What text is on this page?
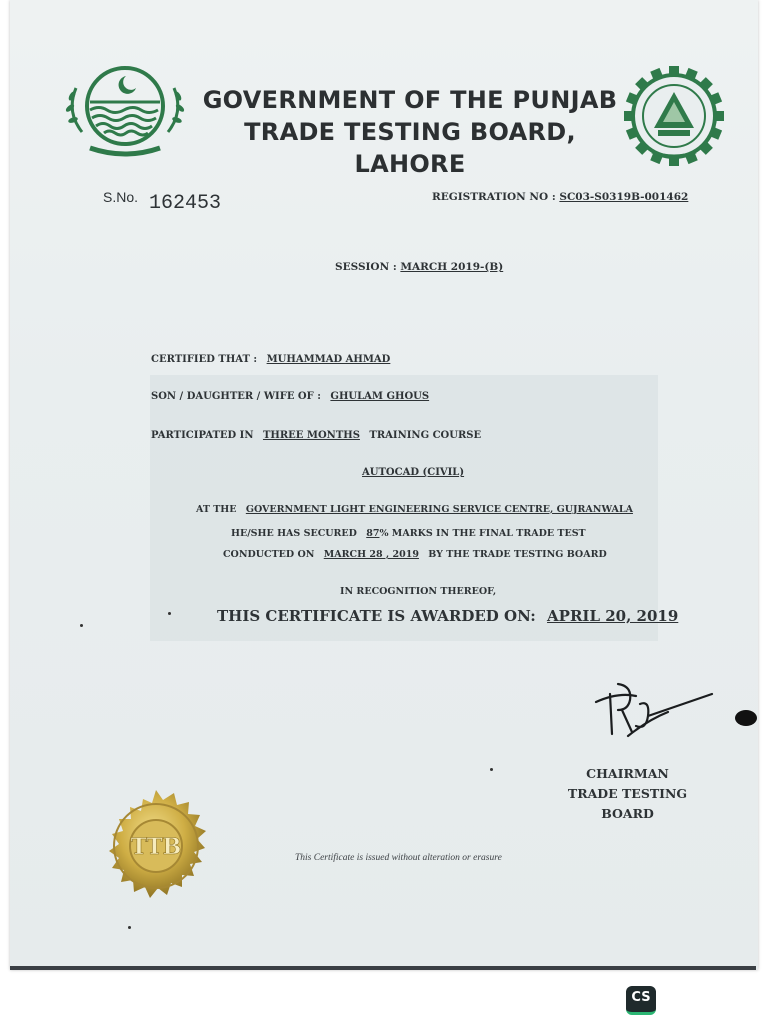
GOVERNMENT OF THE PUNJAB
TRADE TESTING BOARD, LAHORE
S.No. 162453	REGISTRATION NO : SC03-S0319B-001462
SESSION : MARCH 2019-(B)
CERTIFIED THAT : MUHAMMAD AHMAD
SON / DAUGHTER / WIFE OF : GHULAM GHOUS
PARTICIPATED IN THREE MONTHS TRAINING COURSE
AUTOCAD (CIVIL)
AT THE GOVERNMENT LIGHT ENGINEERING SERVICE CENTRE, GUJRANWALA
HE/SHE HAS SECURED 87% MARKS IN THE FINAL TRADE TEST
CONDUCTED ON MARCH 28 , 2019 BY THE TRADE TESTING BOARD
IN RECOGNITION THEREOF,
THIS CERTIFICATE IS AWARDED ON: APRIL 20, 2019
CHAIRMAN
TRADE TESTING BOARD
TTB	This Certificate is issued without alteration or erasure
CS
